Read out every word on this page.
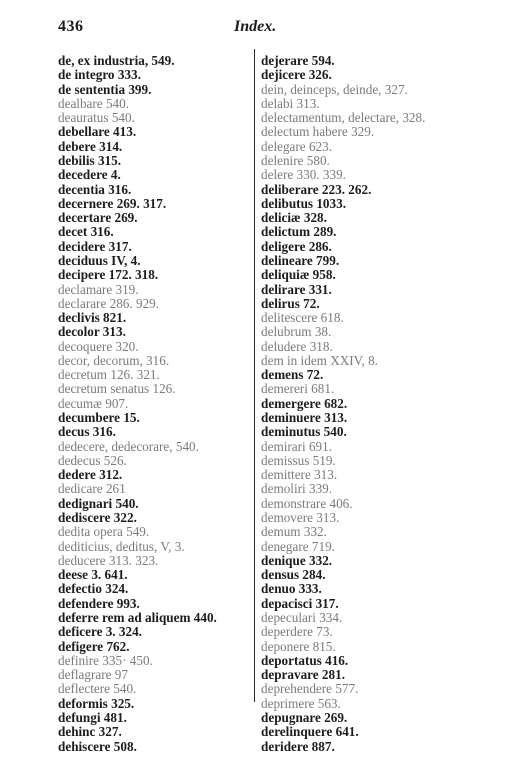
436	Index.
de, ex industria, 549.
de integro 333.
de sententia 399.
dealbare 540.
deauratus 540.
debellare 413.
debere 314.
debilis 315.
decedere 4.
decentia 316.
decernere 269. 317.
decertare 269.
decet 316.
decidere 317.
deciduus IV, 4.
decipere 172. 318.
declamare 319.
declarare 286. 929.
declivis 821.
decolor 313.
decoquere 320.
decor, decorum, 316.
decretum 126. 321.
decretum senatus 126.
decumæ 907.
decumbere 15.
decus 316.
dedecere, dedecorare, 540.
dedecus 526.
dedere 312.
dedicare 261
dedignari 540.
dediscere 322.
dedita opera 549.
dediticius, deditus, V, 3.
deducere 313. 323.
deese 3. 641.
defectio 324.
defendere 993.
deferre rem ad aliquem 440.
deficere 3. 324.
defigere 762.
definire 335· 450.
deflagrare 97
deflectere 540.
deformis 325.
defungi 481.
dehinc 327.
dehiscere 508.
dejerare 594.
dejicere 326.
dein, deinceps, deinde, 327.
delabi 313.
delectamentum, delectare, 328.
delectum habere 329.
delegare 623.
delenire 580.
delere 330. 339.
deliberare 223. 262.
delibutus 1033.
deliciæ 328.
delictum 289.
deligere 286.
delineare 799.
deliquiæ 958.
delirare 331.
delirus 72.
delitescere 618.
delubrum 38.
deludere 318.
dem in idem XXIV, 8.
demens 72.
demereri 681.
demergere 682.
deminuere 313.
deminutus 540.
demirari 691.
demissus 519.
demittere 313.
demoliri 339.
demonstrare 406.
demovere 313.
demum 332.
denegare 719.
denique 332.
densus 284.
denuo 333.
depacisci 317.
depeculari 334.
deperdere 73.
deponere 815.
deportatus 416.
depravare 281.
deprehendere 577.
deprimere 563.
depugnare 269.
derelinquere 641.
deridere 887.
